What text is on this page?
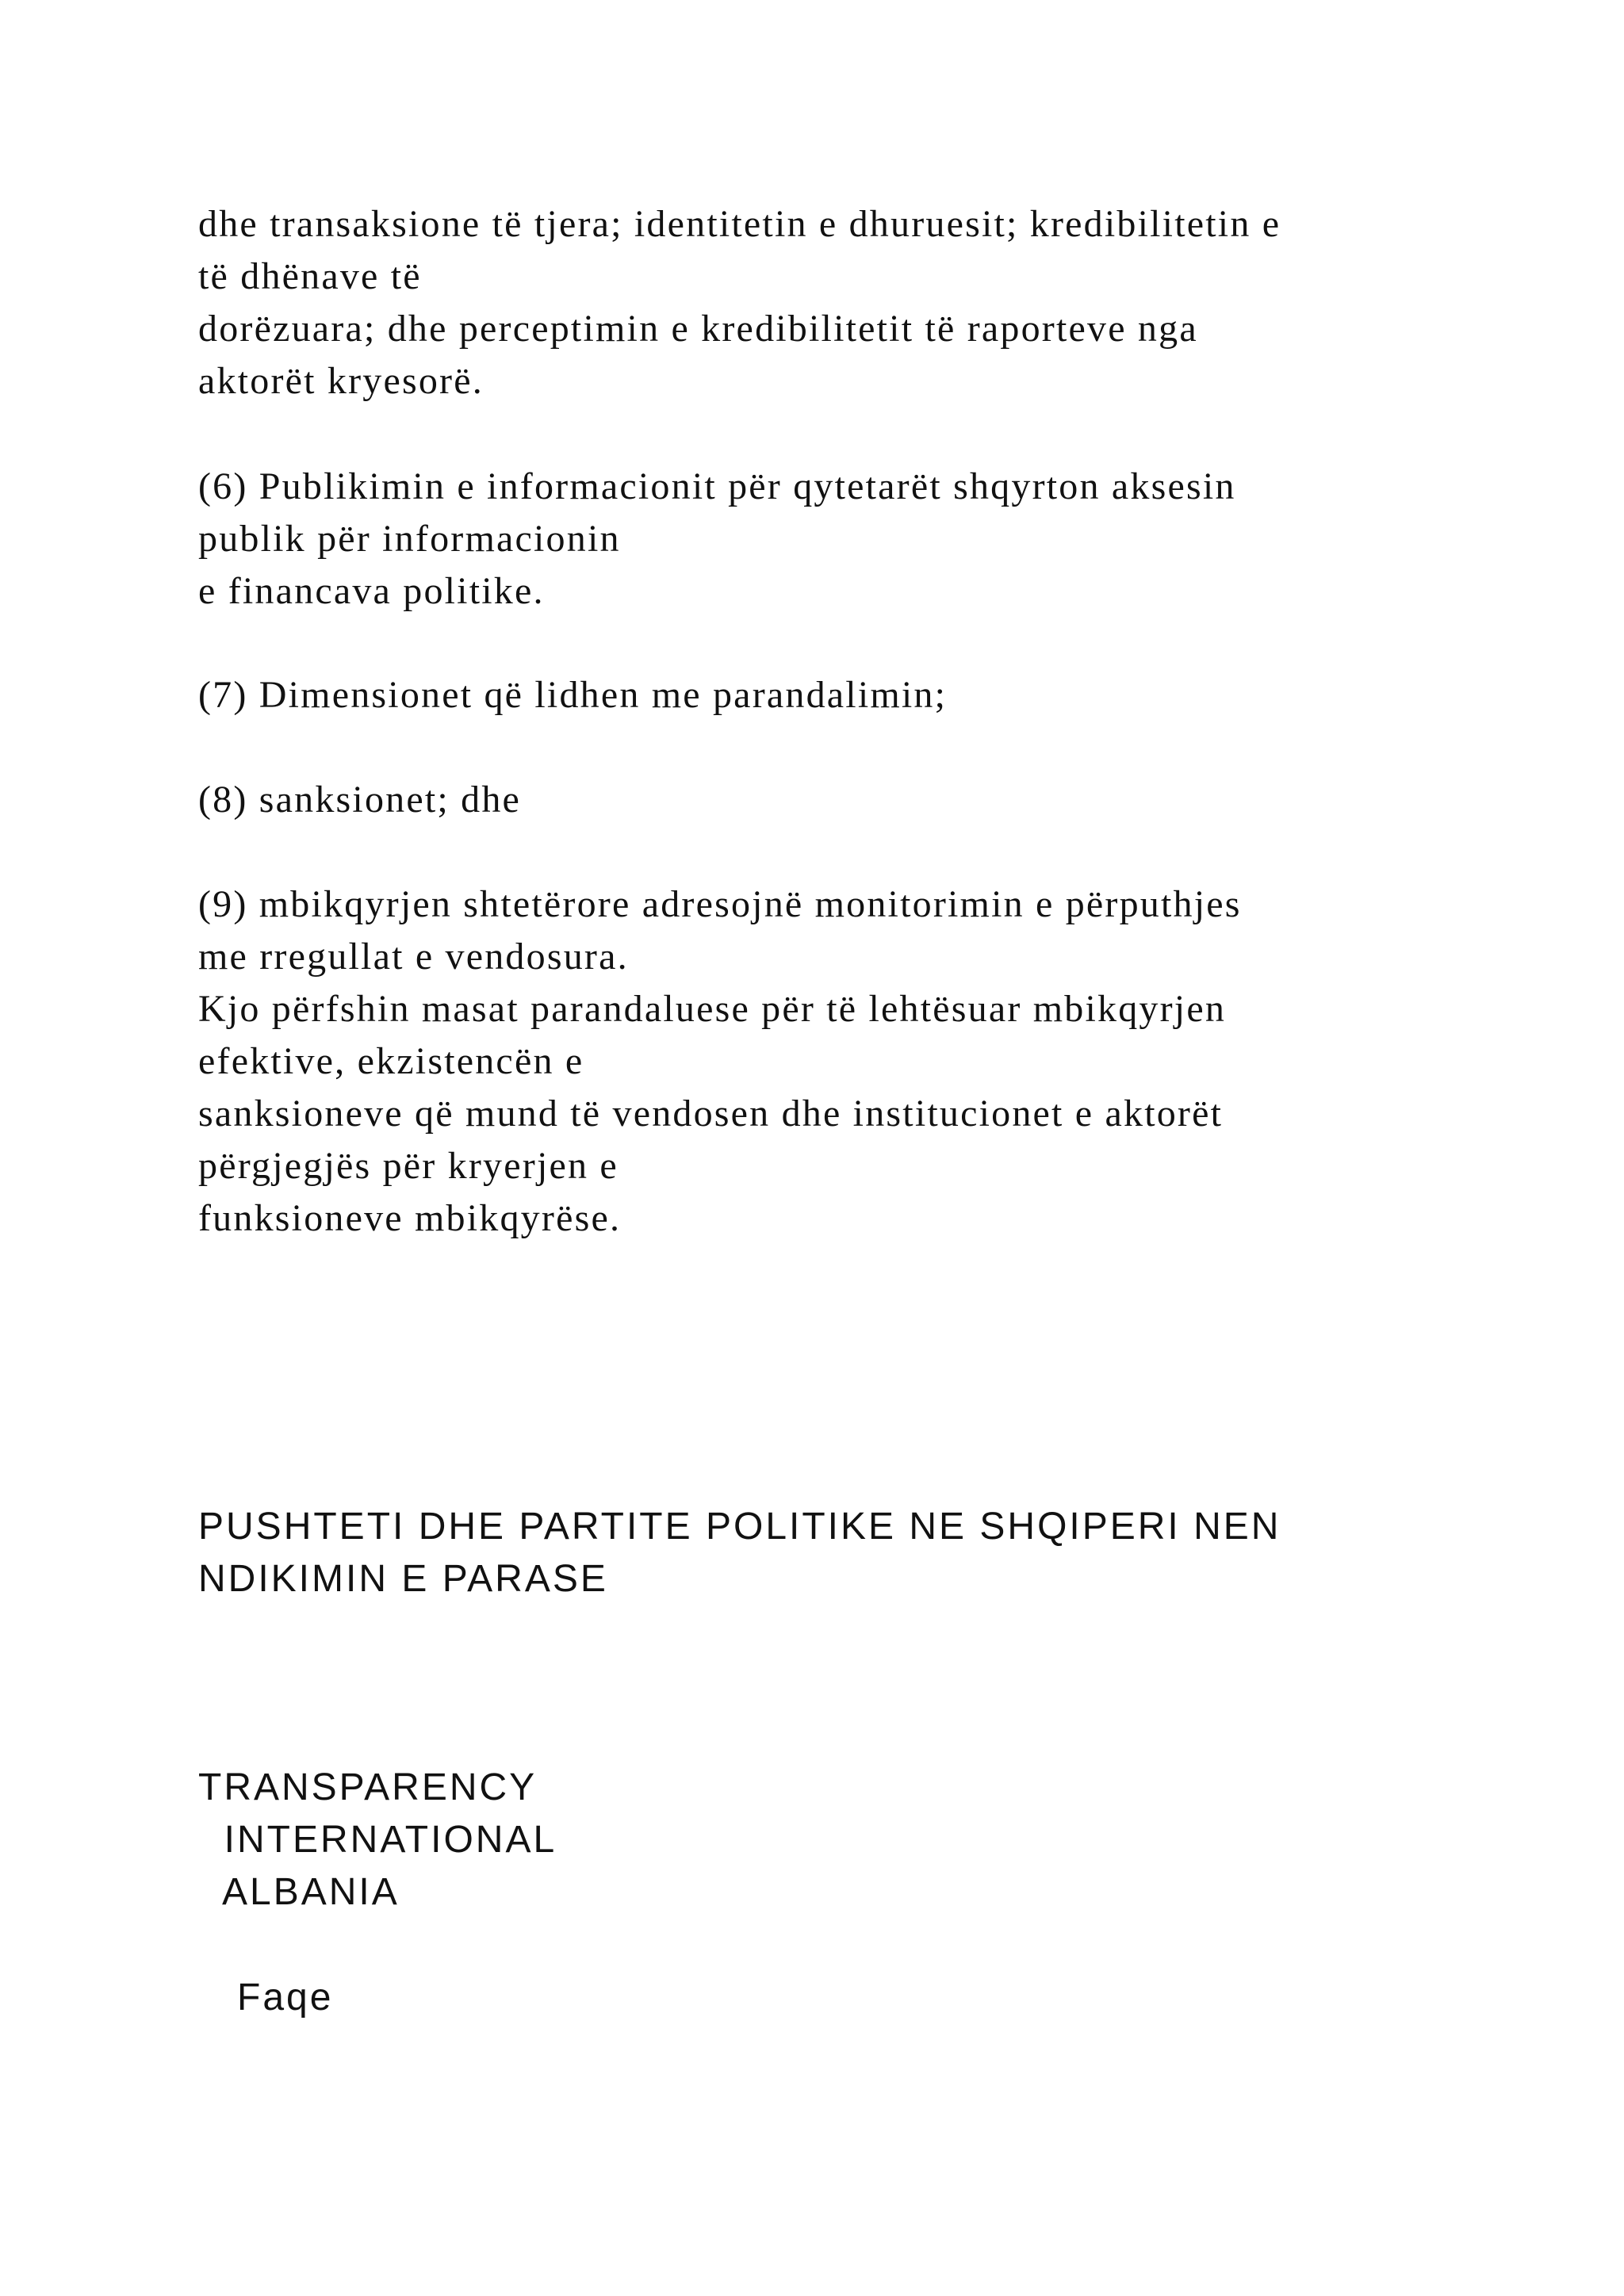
dhe transaksione të tjera; identitetin e dhuruesit; kredibilitetin e

të dhënave të

dorëzuara; dhe perceptimin e kredibilitetit të raporteve nga

aktorët kryesorë.

(6) Publikimin e informacionit për qytetarët shqyrton aksesin

publik për informacionin

e financava politike.

(7) Dimensionet që lidhen me parandalimin;

(8) sanksionet; dhe

(9) mbikqyrjen shtetërore adresojnë monitorimin e përputhjes

me rregullat e vendosura.

Kjo përfshin masat parandaluese për të lehtësuar mbikqyrjen

efektive, ekzistencën e

sanksioneve që mund të vendosen dhe institucionet e aktorët

përgjegjës për kryerjen e

funksioneve mbikqyrëse.

PUSHTETI DHE PARTITE POLITIKE NE SHQIPERI NEN

NDIKIMIN E PARASE

TRANSPARENCY

INTERNATIONAL

ALBANIA

Faqe
